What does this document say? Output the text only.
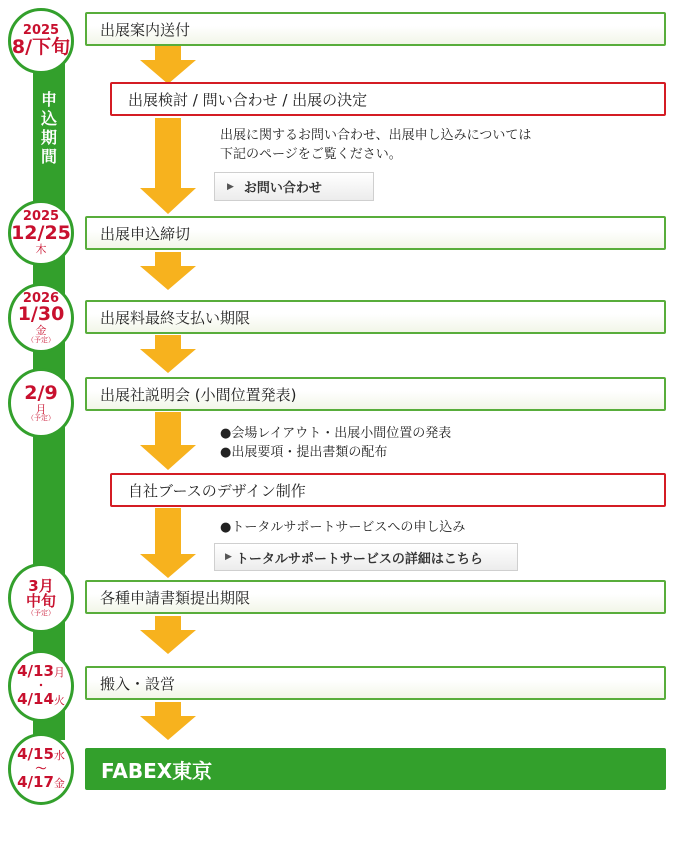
申
込
期
間
出展案内送付
出展検討 / 問い合わせ / 出展の決定
出展申込締切
出展料最終支払い期限
出展社説明会 (小間位置発表)
自社ブースのデザイン制作
各種申請書類提出期限
搬入・設営
FABEX東京
出展に関するお問い合わせ、出展申し込みについては
下記のページをご覧ください。
▶ お問い合わせ
●会場レイアウト・出展小間位置の発表
●出展要項・提出書類の配布
●トータルサポートサービスへの申し込み
▶ トータルサポートサービスの詳細はこちら
2025
8/下旬
2025
12/25
木
2026
1/30
金
（予定）
2/9
月
（予定）
3月
中旬
（予定）
4/13月
・
4/14火
4/15水
～
4/17金
